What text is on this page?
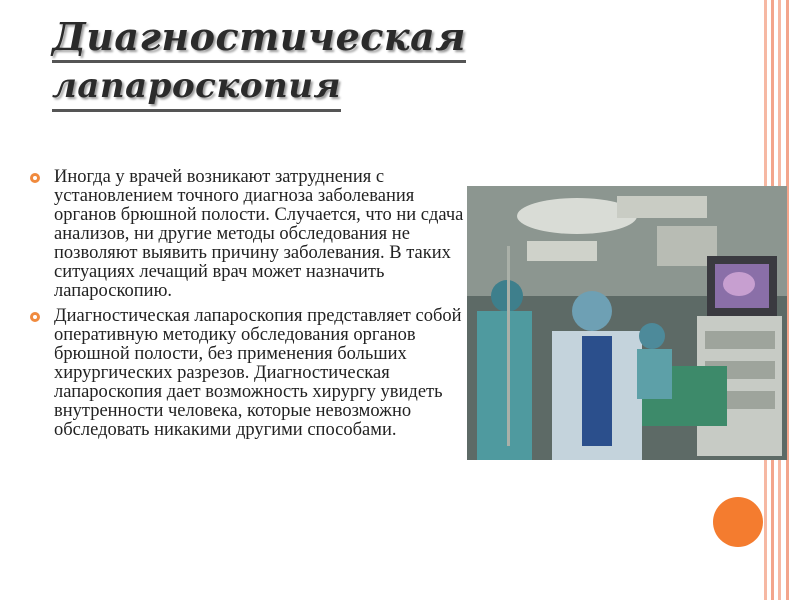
Диагностическая
лапароскопия
Иногда у врачей возникают затруднения с установлением точного диагноза заболевания органов брюшной полости. Случается, что ни сдача анализов, ни другие методы обследования не позволяют выявить причину заболевания. В таких ситуациях лечащий врач может назначить лапароскопию.
Диагностическая лапароскопия представляет собой оперативную методику обследования органов брюшной полости, без применения больших хирургических разрезов. Диагностическая лапароскопия дает возможность хирургу увидеть внутренности человека, которые невозможно обследовать никакими другими способами.
